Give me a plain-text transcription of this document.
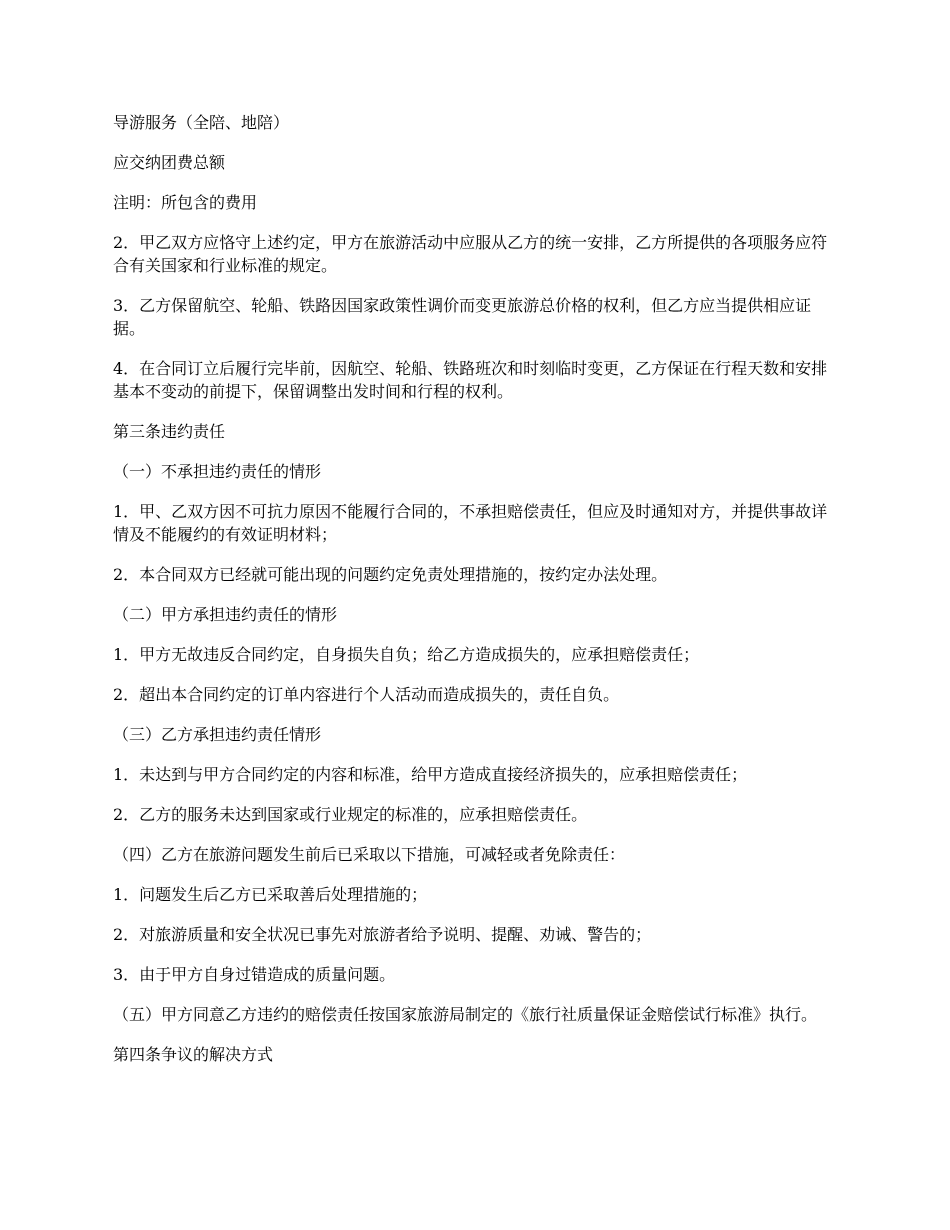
导游服务（全陪、地陪）

应交纳团费总额

注明：所包含的费用

2．甲乙双方应恪守上述约定，甲方在旅游活动中应服从乙方的统一安排，乙方所提供的各项服务应符合有关国家和行业标准的规定。

3．乙方保留航空、轮船、铁路因国家政策性调价而变更旅游总价格的权利，但乙方应当提供相应证据。

4．在合同订立后履行完毕前，因航空、轮船、铁路班次和时刻临时变更，乙方保证在行程天数和安排基本不变动的前提下，保留调整出发时间和行程的权利。

第三条违约责任

（一）不承担违约责任的情形

1．甲、乙双方因不可抗力原因不能履行合同的，不承担赔偿责任，但应及时通知对方，并提供事故详情及不能履约的有效证明材料；

2．本合同双方已经就可能出现的问题约定免责处理措施的，按约定办法处理。

（二）甲方承担违约责任的情形

1．甲方无故违反合同约定，自身损失自负；给乙方造成损失的，应承担赔偿责任；

2．超出本合同约定的订单内容进行个人活动而造成损失的，责任自负。

（三）乙方承担违约责任情形

1．未达到与甲方合同约定的内容和标准，给甲方造成直接经济损失的，应承担赔偿责任；

2．乙方的服务未达到国家或行业规定的标准的，应承担赔偿责任。

（四）乙方在旅游问题发生前后已采取以下措施，可减轻或者免除责任：

1．问题发生后乙方已采取善后处理措施的；

2．对旅游质量和安全状况已事先对旅游者给予说明、提醒、劝诫、警告的；

3．由于甲方自身过错造成的质量问题。

（五）甲方同意乙方违约的赔偿责任按国家旅游局制定的《旅行社质量保证金赔偿试行标准》执行。

第四条争议的解决方式
